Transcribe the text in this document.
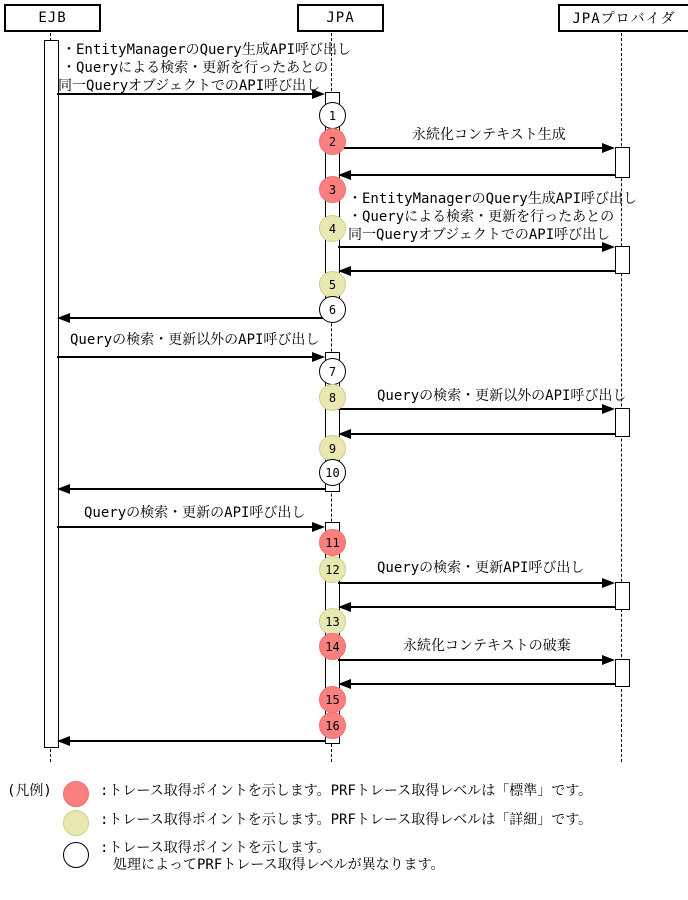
・EntityManagerのQuery生成API呼び出し
・Queryによる検索・更新を行ったあとの
同一QueryオブジェクトでのAPI呼び出し
永続化コンテキスト生成
・EntityManagerのQuery生成API呼び出し
・Queryによる検索・更新を行ったあとの
同一QueryオブジェクトでのAPI呼び出し
Queryの検索・更新以外のAPI呼び出し
Queryの検索・更新以外のAPI呼び出し
Queryの検索・更新のAPI呼び出し
Queryの検索・更新API呼び出し
永続化コンテキストの破棄
1
2
3
4
5
6
7
8
9
10
11
12
13
14
15
16
EJB	JPA	JPAプロバイダ
(凡例)	:トレース取得ポイントを示します。PRFトレース取得レベルは「標準」です。
:トレース取得ポイントを示します。PRFトレース取得レベルは「詳細」です。
:トレース取得ポイントを示します。
処理によってPRFトレース取得レベルが異なります。
